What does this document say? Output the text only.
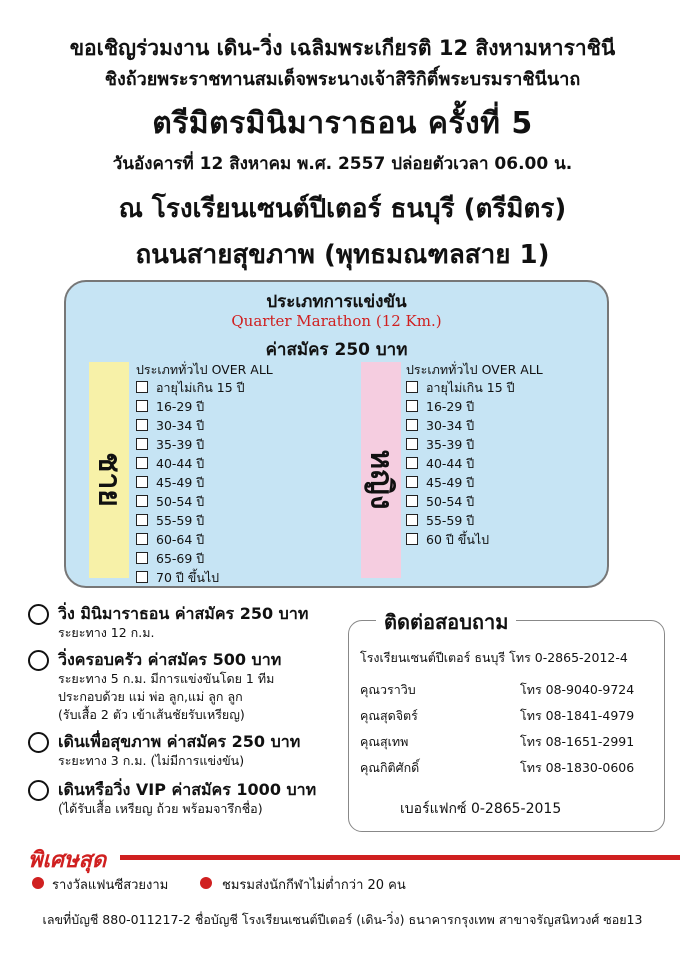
ขอเชิญร่วมงาน เดิน-วิ่ง เฉลิมพระเกียรติ 12 สิงหามหาราชินี
ชิงถ้วยพระราชทานสมเด็จพระนางเจ้าสิริกิติ์พระบรมราชินีนาถ
ตรีมิตรมินิมาราธอน ครั้งที่ 5
วันอังคารที่ 12 สิงหาคม พ.ศ. 2557 ปล่อยตัวเวลา 06.00 น.
ณ โรงเรียนเซนต์ปีเตอร์ ธนบุรี (ตรีมิตร)
ถนนสายสุขภาพ (พุทธมณฑลสาย 1)
ประเภทการแข่งขัน
Quarter Marathon (12 Km.)
ค่าสมัคร 250 บาท
ชาย
ประเภททั่วไป OVER ALL
อายุไม่เกิน 15 ปี
16-29 ปี
30-34 ปี
35-39 ปี
40-44 ปี
45-49 ปี
50-54 ปี
55-59 ปี
60-64 ปี
65-69 ปี
70 ปี ขึ้นไป
หญิง
ประเภททั่วไป OVER ALL
อายุไม่เกิน 15 ปี
16-29 ปี
30-34 ปี
35-39 ปี
40-44 ปี
45-49 ปี
50-54 ปี
55-59 ปี
60 ปี ขึ้นไป
วิ่ง มินิมาราธอน ค่าสมัคร 250 บาท
ระยะทาง 12 ก.ม.
วิ่งครอบครัว ค่าสมัคร 500 บาท
ระยะทาง 5 ก.ม. มีการแข่งขันโดย 1 ทีม
ประกอบด้วย แม่ พ่อ ลูก,แม่ ลูก ลูก
(รับเสื้อ 2 ตัว เข้าเส้นชัยรับเหรียญ)
เดินเพื่อสุขภาพ ค่าสมัคร 250 บาท
ระยะทาง 3 ก.ม. (ไม่มีการแข่งขัน)
เดินหรือวิ่ง VIP ค่าสมัคร 1000 บาท
(ได้รับเสื้อ เหรียญ ถ้วย พร้อมจารึกชื่อ)
ติดต่อสอบถาม
โรงเรียนเซนต์ปีเตอร์ ธนบุรี โทร 0-2865-2012-4
คุณวราวิบ	โทร 08-9040-9724
คุณสุดจิตร์	โทร 08-1841-4979
คุณสุเทพ	โทร 08-1651-2991
คุณกิติศักดิ์	โทร 08-1830-0606
เบอร์แฟกซ์ 0-2865-2015
พิเศษสุด
รางวัลแฟนซีสวยงาม	ชมรมส่งนักกีฬาไม่ต่ำกว่า 20 คน
เลขที่บัญชี 880-011217-2 ชื่อบัญชี โรงเรียนเซนต์ปีเตอร์ (เดิน-วิ่ง) ธนาคารกรุงเทพ สาขาจรัญสนิทวงศ์ ซอย13
